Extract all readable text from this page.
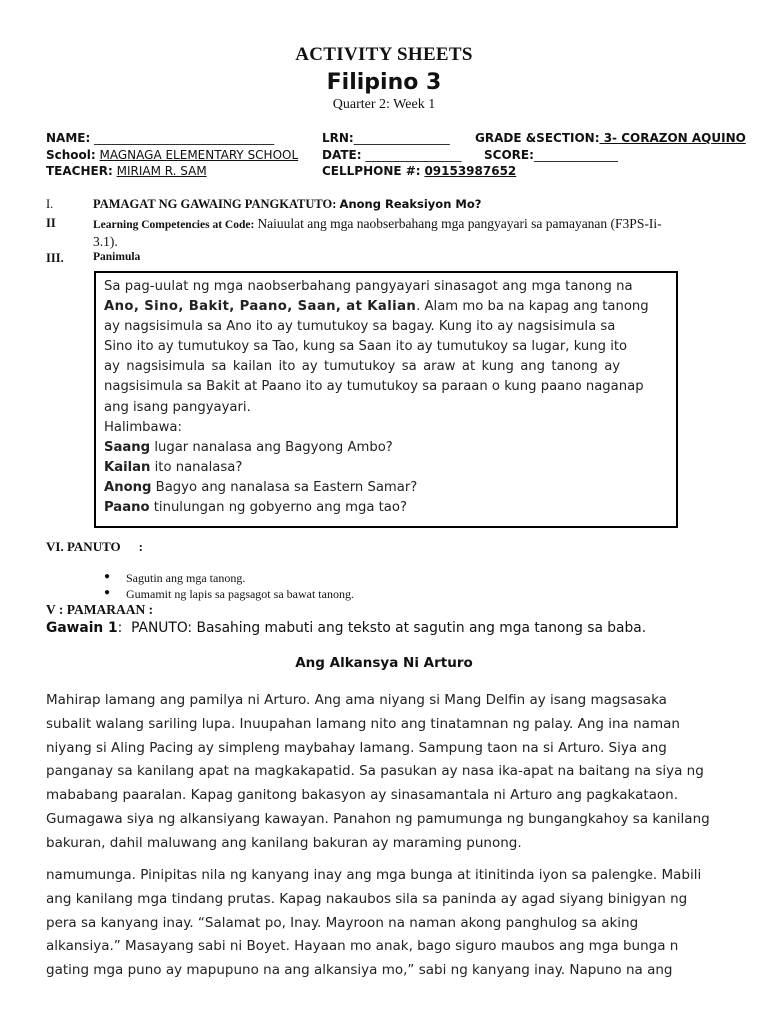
ACTIVITY SHEETS
Filipino 3
Quarter 2: Week 1
NAME: ______________________________	LRN:________________ GRADE &SECTION: 3- CORAZON AQUINO
School: MAGNAGA ELEMENTARY SCHOOL DATE: ________________ SCORE:______________
TEACHER: MIRIAM R. SAM	CELLPHONE #: 09153987652
I.	PAMAGAT NG GAWAING PANGKATUTO: Anong Reaksiyon Mo?
II	Learning Competencies at Code: Naiuulat ang mga naobserbahang mga pangyayari sa pamayanan (F3PS-Ii-
3.1).
III.	Panimula
Sa pag-uulat ng mga naobserbahang pangyayari sinasagot ang mga tanong na
Ano, Sino, Bakit, Paano, Saan, at Kalian. Alam mo ba na kapag ang tanong
ay nagsisimula sa Ano ito ay tumutukoy sa bagay. Kung ito ay nagsisimula sa
Sino ito ay tumutukoy sa Tao, kung sa Saan ito ay tumutukoy sa lugar, kung ito
ay nagsisimula sa kailan ito ay tumutukoy sa araw at kung ang tanong ay
nagsisimula sa Bakit at Paano ito ay tumutukoy sa paraan o kung paano naganap
ang isang pangyayari.
Halimbawa:
Saang lugar nanalasa ang Bagyong Ambo?
Kailan ito nanalasa?
Anong Bagyo ang nanalasa sa Eastern Samar?
Paano tinulungan ng gobyerno ang mga tao?
VI. PANUTO :
● Sagutin ang mga tanong.
● Gumamit ng lapis sa pagsagot sa bawat tanong.
V : PAMARAAN :
Gawain 1: PANUTO: Basahing mabuti ang teksto at sagutin ang mga tanong sa baba.
Ang Alkansya Ni Arturo

Mahirap lamang ang pamilya ni Arturo. Ang ama niyang si Mang Delfin ay isang magsasaka

subalit walang sariling lupa. Inuupahan lamang nito ang tinatamnan ng palay. Ang ina naman

niyang si Aling Pacing ay simpleng maybahay lamang. Sampung taon na si Arturo. Siya ang

panganay sa kanilang apat na magkakapatid. Sa pasukan ay nasa ika-apat na baitang na siya ng

mababang paaralan. Kapag ganitong bakasyon ay sinasamantala ni Arturo ang pagkakataon.

Gumagawa siya ng alkansiyang kawayan. Panahon ng pamumunga ng bungangkahoy sa kanilang

bakuran, dahil maluwang ang kanilang bakuran ay maraming punong.

namumunga. Pinipitas nila ng kanyang inay ang mga bunga at itinitinda iyon sa palengke. Mabili

ang kanilang mga tindang prutas. Kapag nakaubos sila sa paninda ay agad siyang binigyan ng

pera sa kanyang inay. “Salamat po, Inay. Mayroon na naman akong panghulog sa aking

alkansiya.” Masayang sabi ni Boyet. Hayaan mo anak, bago siguro maubos ang mga bunga n

gating mga puno ay mapupuno na ang alkansiya mo,” sabi ng kanyang inay. Napuno na ang
